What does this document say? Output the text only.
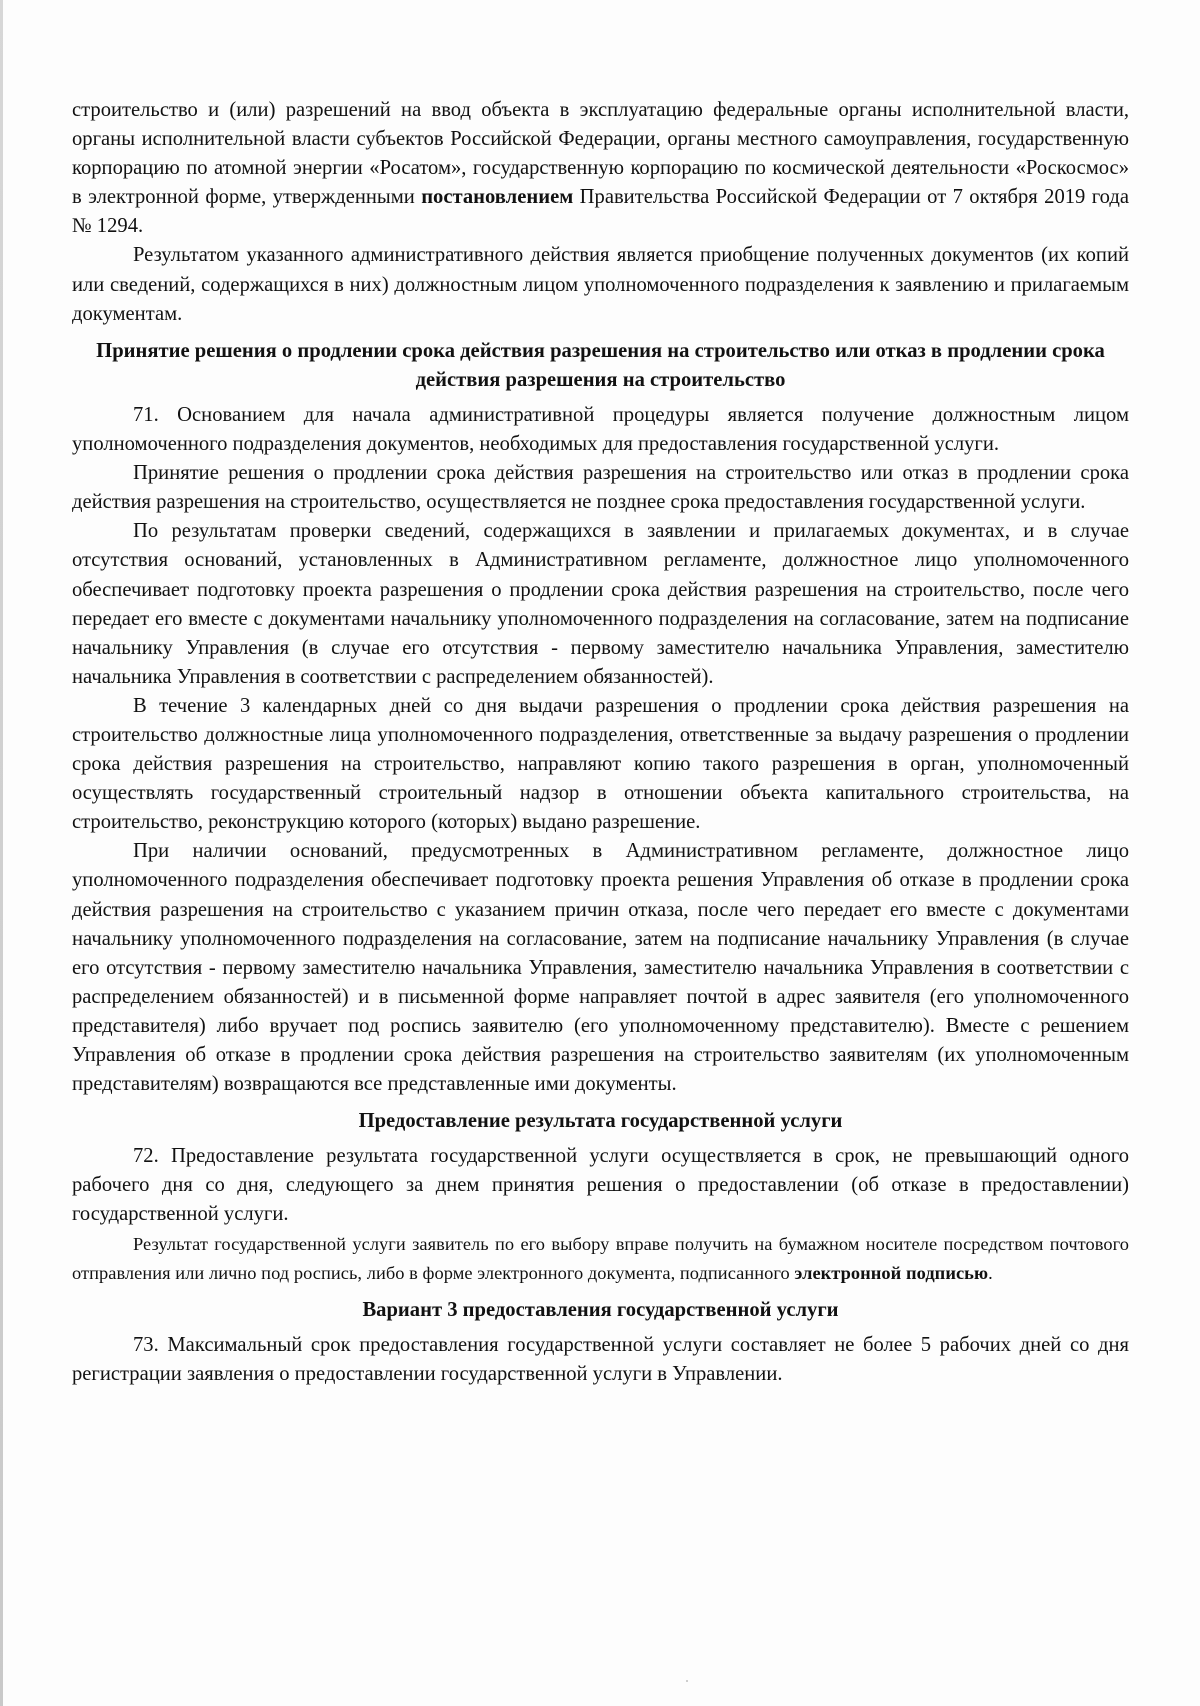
строительство и (или) разрешений на ввод объекта в эксплуатацию федеральные органы исполнительной власти, органы исполнительной власти субъектов Российской Федерации, органы местного самоуправления, государственную корпорацию по атомной энергии «Росатом», государственную корпорацию по космической деятельности «Роскосмос» в электронной форме, утвержденными постановлением Правительства Российской Федерации от 7 октября 2019 года № 1294.

Результатом указанного административного действия является приобщение полученных документов (их копий или сведений, содержащихся в них) должностным лицом уполномоченного подразделения к заявлению и прилагаемым документам.

Принятие решения о продлении срока действия разрешения на строительство или отказ в продлении срока действия разрешения на строительство

71. Основанием для начала административной процедуры является получение должностным лицом уполномоченного подразделения документов, необходимых для предоставления государственной услуги.

Принятие решения о продлении срока действия разрешения на строительство или отказ в продлении срока действия разрешения на строительство, осуществляется не позднее срока предоставления государственной услуги.

По результатам проверки сведений, содержащихся в заявлении и прилагаемых документах, и в случае отсутствия оснований, установленных в Административном регламенте, должностное лицо уполномоченного обеспечивает подготовку проекта разрешения о продлении срока действия разрешения на строительство, после чего передает его вместе с документами начальнику уполномоченного подразделения на согласование, затем на подписание начальнику Управления (в случае его отсутствия - первому заместителю начальника Управления, заместителю начальника Управления в соответствии с распределением обязанностей).

В течение 3 календарных дней со дня выдачи разрешения о продлении срока действия разрешения на строительство должностные лица уполномоченного подразделения, ответственные за выдачу разрешения о продлении срока действия разрешения на строительство, направляют копию такого разрешения в орган, уполномоченный осуществлять государственный строительный надзор в отношении объекта капитального строительства, на строительство, реконструкцию которого (которых) выдано разрешение.

При наличии оснований, предусмотренных в Административном регламенте, должностное лицо уполномоченного подразделения обеспечивает подготовку проекта решения Управления об отказе в продлении срока действия разрешения на строительство с указанием причин отказа, после чего передает его вместе с документами начальнику уполномоченного подразделения на согласование, затем на подписание начальнику Управления (в случае его отсутствия - первому заместителю начальника Управления, заместителю начальника Управления в соответствии с распределением обязанностей) и в письменной форме направляет почтой в адрес заявителя (его уполномоченного представителя) либо вручает под роспись заявителю (его уполномоченному представителю). Вместе с решением Управления об отказе в продлении срока действия разрешения на строительство заявителям (их уполномоченным представителям) возвращаются все представленные ими документы.

Предоставление результата государственной услуги

72. Предоставление результата государственной услуги осуществляется в срок, не превышающий одного рабочего дня со дня, следующего за днем принятия решения о предоставлении (об отказе в предоставлении) государственной услуги.

Результат государственной услуги заявитель по его выбору вправе получить на бумажном носителе посредством почтового отправления или лично под роспись, либо в форме электронного документа, подписанного электронной подписью.

Вариант 3 предоставления государственной услуги

73. Максимальный срок предоставления государственной услуги составляет не более 5 рабочих дней со дня регистрации заявления о предоставлении государственной услуги в Управлении.
